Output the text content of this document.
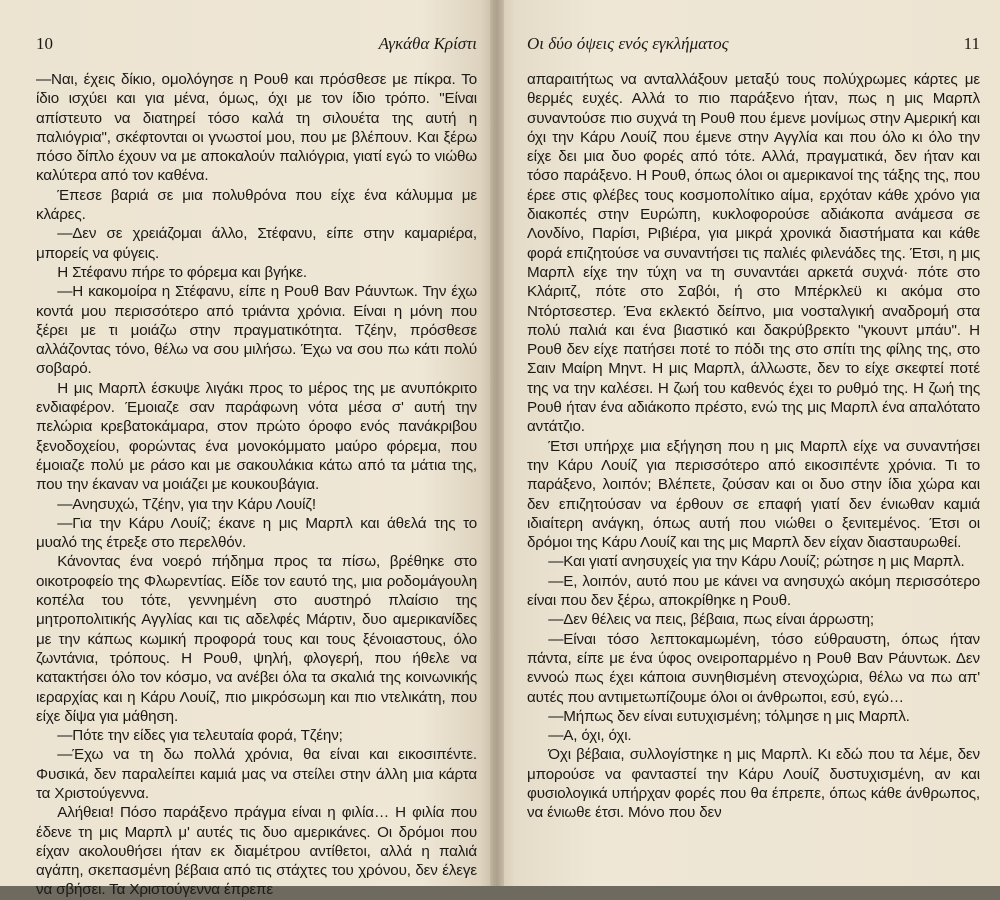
10	Αγκάθα Κρίστι

—Ναι, έχεις δίκιο, ομολόγησε η Ρουθ και πρόσθεσε με πίκρα. Το ίδιο ισχύει και για μένα, όμως, όχι με τον ίδιο τρόπο. "Είναι απίστευτο να διατηρεί τόσο καλά τη σιλουέτα της αυτή η παλιόγρια", σκέφτονται οι γνωστοί μου, που με βλέπουν. Και ξέρω πόσο δίπλο έχουν να με αποκαλούν παλιόγρια, γιατί εγώ το νιώθω καλύτερα από τον καθένα.

Έπεσε βαριά σε μια πολυθρόνα που είχε ένα κάλυμμα με κλάρες.

—Δεν σε χρειάζομαι άλλο, Στέφανυ, είπε στην καμαριέρα, μπορείς να φύγεις.

Η Στέφανυ πήρε το φόρεμα και βγήκε.

—Η κακομοίρα η Στέφανυ, είπε η Ρουθ Βαν Ράυντωκ. Την έχω κοντά μου περισσότερο από τριάντα χρόνια. Είναι η μόνη που ξέρει με τι μοιάζω στην πραγματικότητα. Τζέην, πρόσθεσε αλλάζοντας τόνο, θέλω να σου μιλήσω. Έχω να σου πω κάτι πολύ σοβαρό.

Η μις Μαρπλ έσκυψε λιγάκι προς το μέρος της με ανυπόκριτο ενδιαφέρον. Έμοιαζε σαν παράφωνη νότα μέσα σ' αυτή την πελώρια κρεβατοκάμαρα, στον πρώτο όροφο ενός πανάκριβου ξενοδοχείου, φορώντας ένα μονοκόμματο μαύρο φόρεμα, που έμοιαζε πολύ με ράσο και με σακουλάκια κάτω από τα μάτια της, που την έκαναν να μοιάζει με κουκουβάγια.

—Ανησυχώ, Τζέην, για την Κάρυ Λουίζ!

—Για την Κάρυ Λουίζ; έκανε η μις Μαρπλ και άθελά της το μυαλό της έτρεξε στο περελθόν.

Κάνοντας ένα νοερό πήδημα προς τα πίσω, βρέθηκε στο οικοτροφείο της Φλωρεντίας. Είδε τον εαυτό της, μια ροδομάγουλη κοπέλα του τότε, γεννημένη στο αυστηρό πλαίσιο της μητροπολιτικής Αγγλίας και τις αδελφές Μάρτιν, δυο αμερικανίδες με την κάπως κωμική προφορά τους και τους ξένοιαστους, όλο ζωντάνια, τρόπους. Η Ρουθ, ψηλή, φλογερή, που ήθελε να κατακτήσει όλο τον κόσμο, να ανέβει όλα τα σκαλιά της κοινωνικής ιεραρχίας και η Κάρυ Λουίζ, πιο μικρόσωμη και πιο ντελικάτη, που είχε δίψα για μάθηση.

—Πότε την είδες για τελευταία φορά, Τζέην;

—Έχω να τη δω πολλά χρόνια, θα είναι και εικοσιπέντε. Φυσικά, δεν παραλείπει καμιά μας να στείλει στην άλλη μια κάρτα τα Χριστούγεννα.

Αλήθεια! Πόσο παράξενο πράγμα είναι η φιλία… Η φιλία που έδενε τη μις Μαρπλ μ' αυτές τις δυο αμερικάνες. Οι δρόμοι που είχαν ακολουθήσει ήταν εκ διαμέτρου αντίθετοι, αλλά η παλιά αγάπη, σκεπασμένη βέβαια από τις στάχτες του χρόνου, δεν έλεγε να σβήσει. Τα Χριστούγεννα έπρεπε

Οι δύο όψεις ενός εγκλήματος	11

απαραιτήτως να ανταλλάξουν μεταξύ τους πολύχρωμες κάρτες με θερμές ευχές. Αλλά το πιο παράξενο ήταν, πως η μις Μαρπλ συναντούσε πιο συχνά τη Ρουθ που έμενε μονίμως στην Αμερική και όχι την Κάρυ Λουίζ που έμενε στην Αγγλία και που όλο κι όλο την είχε δει μια δυο φορές από τότε. Αλλά, πραγματικά, δεν ήταν και τόσο παράξενο. Η Ρουθ, όπως όλοι οι αμερικανοί της τάξης της, που έρεε στις φλέβες τους κοσμοπολίτικο αίμα, ερχόταν κάθε χρόνο για διακοπές στην Ευρώπη, κυκλοφορούσε αδιάκοπα ανάμεσα σε Λονδίνο, Παρίσι, Ριβιέρα, για μικρά χρονικά διαστήματα και κάθε φορά επιζητούσε να συναντήσει τις παλιές φιλενάδες της. Έτσι, η μις Μαρπλ είχε την τύχη να τη συναντάει αρκετά συχνά· πότε στο Κλάριτζ, πότε στο Σαβόι, ή στο Μπέρκλεϋ κι ακόμα στο Ντόρτσεστερ. Ένα εκλεκτό δείπνο, μια νοσταλγική αναδρομή στα πολύ παλιά και ένα βιαστικό και δακρύβρεκτο "γκουντ μπάυ". Η Ρουθ δεν είχε πατήσει ποτέ το πόδι της στο σπίτι της φίλης της, στο Σαιν Μαίρη Μηντ. Η μις Μαρπλ, άλλωστε, δεν το είχε σκεφτεί ποτέ της να την καλέσει. Η ζωή του καθενός έχει το ρυθμό της. Η ζωή της Ρουθ ήταν ένα αδιάκοπο πρέστο, ενώ της μις Μαρπλ ένα απαλότατο αντάτζιο.

Έτσι υπήρχε μια εξήγηση που η μις Μαρπλ είχε να συναντήσει την Κάρυ Λουίζ για περισσότερο από εικοσιπέντε χρόνια. Τι το παράξενο, λοιπόν; Βλέπετε, ζούσαν και οι δυο στην ίδια χώρα και δεν επιζητούσαν να έρθουν σε επαφή γιατί δεν ένιωθαν καμιά ιδιαίτερη ανάγκη, όπως αυτή που νιώθει ο ξενιτεμένος. Έτσι οι δρόμοι της Κάρυ Λουίζ και της μις Μαρπλ δεν είχαν διασταυρωθεί.

—Και γιατί ανησυχείς για την Κάρυ Λουίζ; ρώτησε η μις Μαρπλ.

—Ε, λοιπόν, αυτό που με κάνει να ανησυχώ ακόμη περισσότερο είναι που δεν ξέρω, αποκρίθηκε η Ρουθ.

—Δεν θέλεις να πεις, βέβαια, πως είναι άρρωστη;

—Είναι τόσο λεπτοκαμωμένη, τόσο εύθραυστη, όπως ήταν πάντα, είπε με ένα ύφος ονειροπαρμένο η Ρουθ Βαν Ράυντωκ. Δεν εννοώ πως έχει κάποια συνηθισμένη στενοχώρια, θέλω να πω απ' αυτές που αντιμετωπίζουμε όλοι οι άνθρωποι, εσύ, εγώ…

—Μήπως δεν είναι ευτυχισμένη; τόλμησε η μις Μαρπλ.

—Α, όχι, όχι.

Όχι βέβαια, συλλογίστηκε η μις Μαρπλ. Κι εδώ που τα λέμε, δεν μπορούσε να φανταστεί την Κάρυ Λουίζ δυστυχισμένη, αν και φυσιολογικά υπήρχαν φορές που θα έπρεπε, όπως κάθε άνθρωπος, να ένιωθε έτσι. Μόνο που δεν
